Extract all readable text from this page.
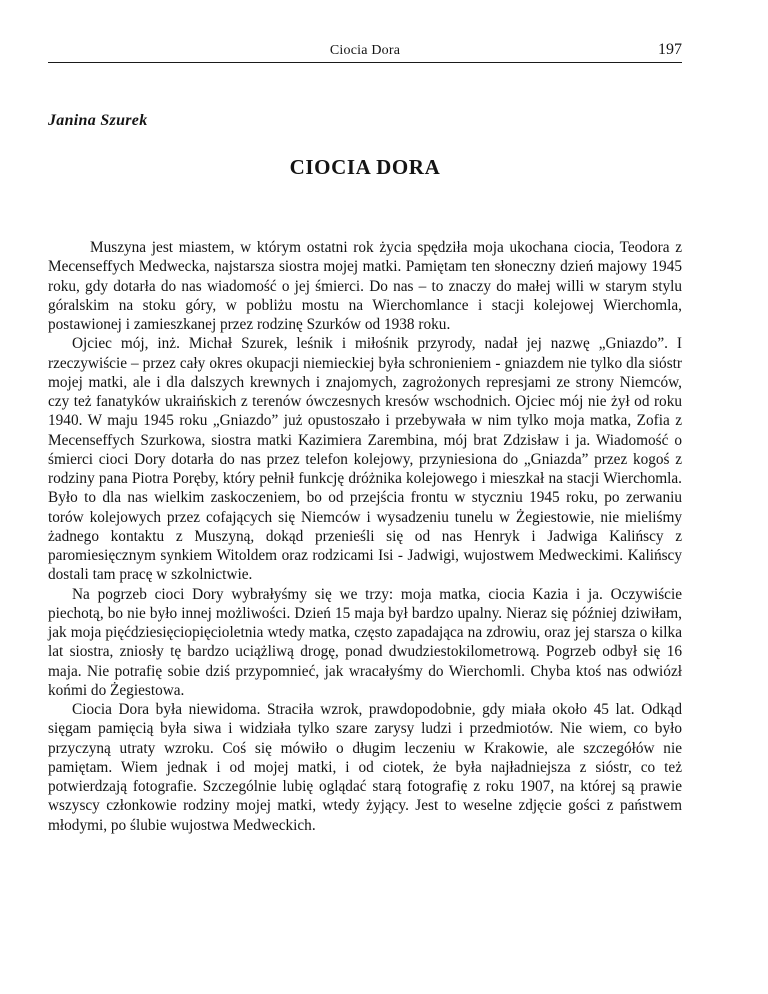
Ciocia Dora	197
Janina Szurek
CIOCIA DORA

Muszyna jest miastem, w którym ostatni rok życia spędziła moja ukochana ciocia, Teodora z Mecenseffych Medwecka, najstarsza siostra mojej matki. Pamiętam ten słoneczny dzień majowy 1945 roku, gdy dotarła do nas wiadomość o jej śmierci. Do nas – to znaczy do małej willi w starym stylu góralskim na stoku góry, w pobliżu mostu na Wierchomlance i stacji kolejowej Wierchomla, postawionej i zamieszkanej przez rodzinę Szurków od 1938 roku.

Ojciec mój, inż. Michał Szurek, leśnik i miłośnik przyrody, nadał jej nazwę „Gniazdo”. I rzeczywiście – przez cały okres okupacji niemieckiej była schronieniem - gniazdem nie tylko dla sióstr mojej matki, ale i dla dalszych krewnych i znajomych, zagrożonych represjami ze strony Niemców, czy też fanatyków ukraińskich z terenów ówczesnych kresów wschodnich. Ojciec mój nie żył od roku 1940. W maju 1945 roku „Gniazdo” już opustoszało i przebywała w nim tylko moja matka, Zofia z Mecenseffych Szurkowa, siostra matki Kazimiera Zarembina, mój brat Zdzisław i ja. Wiadomość o śmierci cioci Dory dotarła do nas przez telefon kolejowy, przyniesiona do „Gniazda” przez kogoś z rodziny pana Piotra Poręby, który pełnił funkcję dróżnika kolejowego i mieszkał na stacji Wierchomla. Było to dla nas wielkim zaskoczeniem, bo od przejścia frontu w styczniu 1945 roku, po zerwaniu torów kolejowych przez cofających się Niemców i wysadzeniu tunelu w Żegiestowie, nie mieliśmy żadnego kontaktu z Muszyną, dokąd przenieśli się od nas Henryk i Jadwiga Kalińscy z paromiesięcznym synkiem Witoldem oraz rodzicami Isi - Jadwigi, wujostwem Medweckimi. Kalińscy dostali tam pracę w szkolnictwie.

Na pogrzeb cioci Dory wybrałyśmy się we trzy: moja matka, ciocia Kazia i ja. Oczywiście piechotą, bo nie było innej możliwości. Dzień 15 maja był bardzo upalny. Nieraz się później dziwiłam, jak moja pięćdziesięciopięcioletnia wtedy matka, często zapadająca na zdrowiu, oraz jej starsza o kilka lat siostra, zniosły tę bardzo uciążliwą drogę, ponad dwudziestokilometrową. Pogrzeb odbył się 16 maja. Nie potrafię sobie dziś przypomnieć, jak wracałyśmy do Wierchomli. Chyba ktoś nas odwiózł końmi do Żegiestowa.

Ciocia Dora była niewidoma. Straciła wzrok, prawdopodobnie, gdy miała około 45 lat. Odkąd sięgam pamięcią była siwa i widziała tylko szare zarysy ludzi i przedmiotów. Nie wiem, co było przyczyną utraty wzroku. Coś się mówiło o długim leczeniu w Krakowie, ale szczegółów nie pamiętam. Wiem jednak i od mojej matki, i od ciotek, że była najładniejsza z sióstr, co też potwierdzają fotografie. Szczególnie lubię oglądać starą fotografię z roku 1907, na której są prawie wszyscy członkowie rodziny mojej matki, wtedy żyjący. Jest to weselne zdjęcie gości z państwem młodymi, po ślubie wujostwa Medweckich.
